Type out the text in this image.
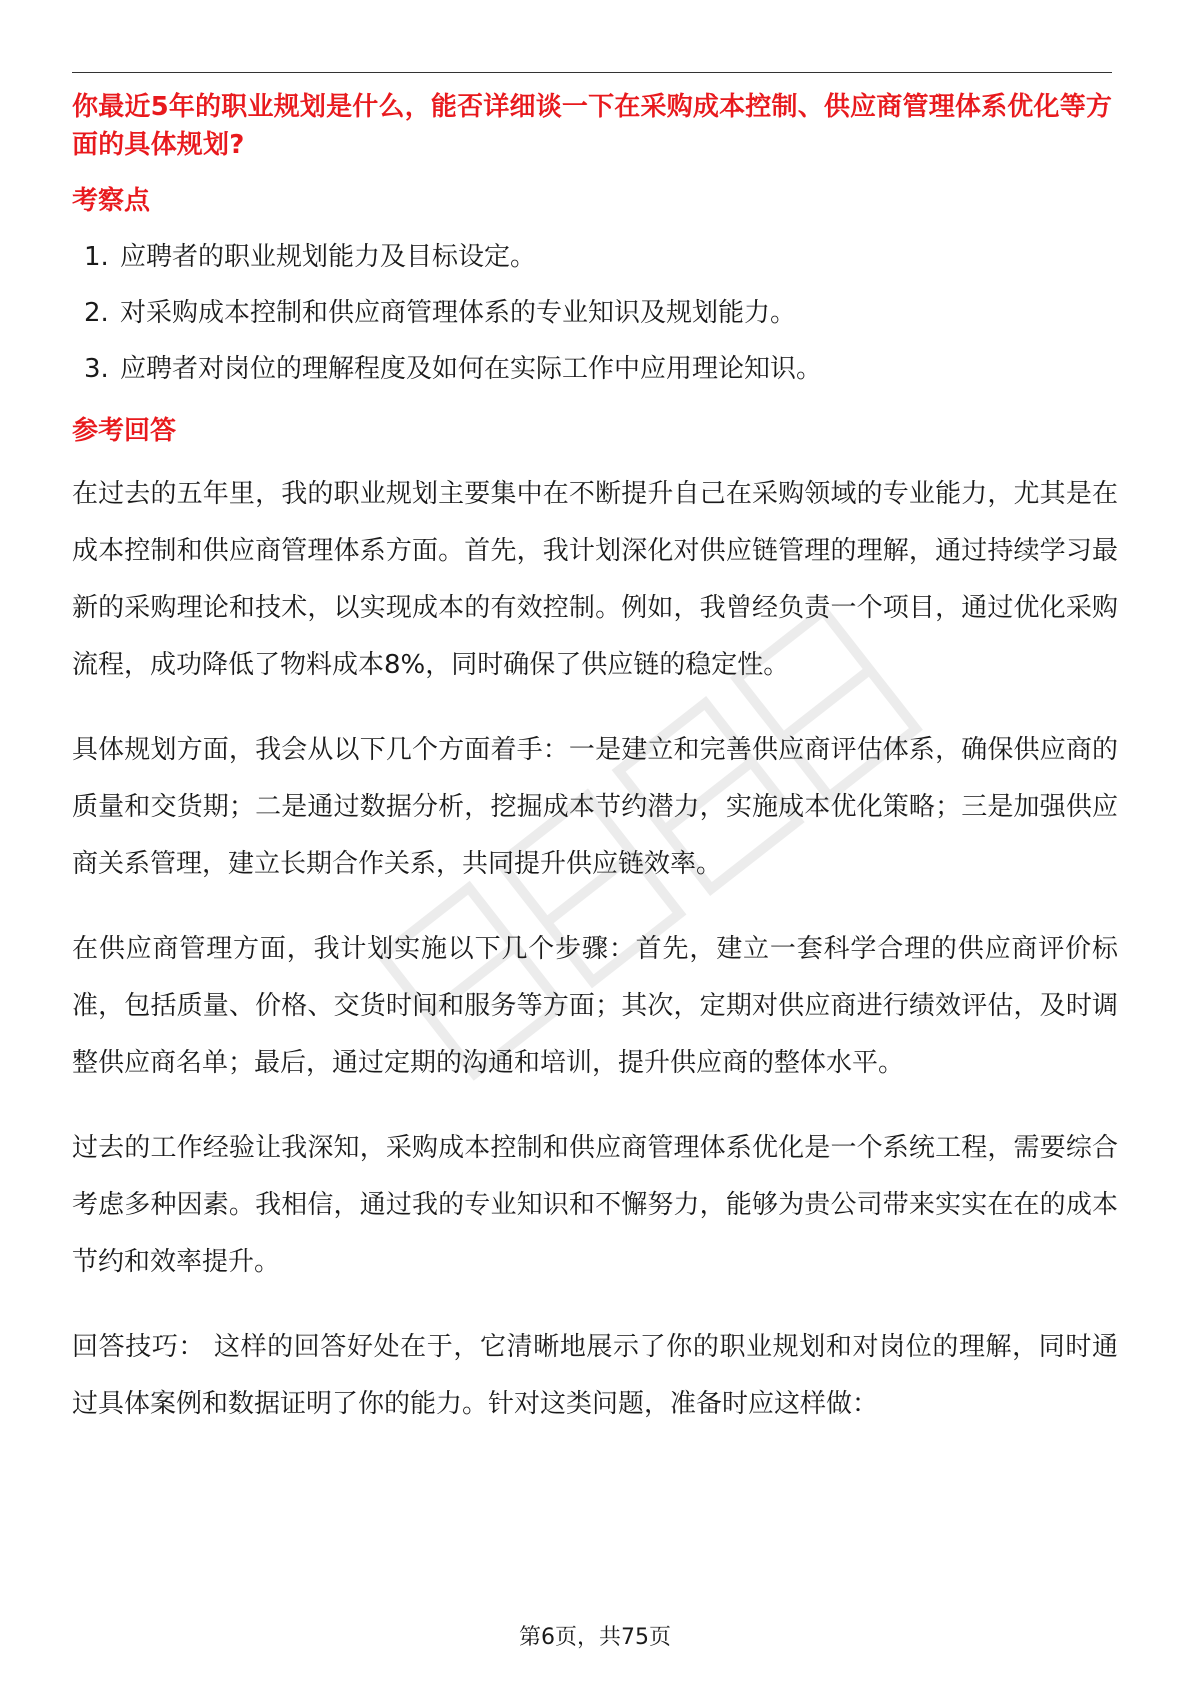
你最近5年的职业规划是什么，能否详细谈一下在采购成本控制、供应商管理体系优化等方面的具体规划?

考察点

1. 应聘者的职业规划能力及目标设定。
2. 对采购成本控制和供应商管理体系的专业知识及规划能力。
3. 应聘者对岗位的理解程度及如何在实际工作中应用理论知识。

参考回答

在过去的五年里，我的职业规划主要集中在不断提升自己在采购领域的专业能力，尤其是在成本控制和供应商管理体系方面。首先，我计划深化对供应链管理的理解，通过持续学习最新的采购理论和技术，以实现成本的有效控制。例如，我曾经负责一个项目，通过优化采购流程，成功降低了物料成本8%，同时确保了供应链的稳定性。

具体规划方面，我会从以下几个方面着手：一是建立和完善供应商评估体系，确保供应商的质量和交货期；二是通过数据分析，挖掘成本节约潜力，实施成本优化策略；三是加强供应商关系管理，建立长期合作关系，共同提升供应链效率。

在供应商管理方面，我计划实施以下几个步骤：首先，建立一套科学合理的供应商评价标准，包括质量、价格、交货时间和服务等方面；其次，定期对供应商进行绩效评估，及时调整供应商名单；最后，通过定期的沟通和培训，提升供应商的整体水平。

过去的工作经验让我深知，采购成本控制和供应商管理体系优化是一个系统工程，需要综合考虑多种因素。我相信，通过我的专业知识和不懈努力，能够为贵公司带来实实在在的成本节约和效率提升。

回答技巧： 这样的回答好处在于，它清晰地展示了你的职业规划和对岗位的理解，同时通过具体案例和数据证明了你的能力。针对这类问题，准备时应这样做：

第6页，共75页
